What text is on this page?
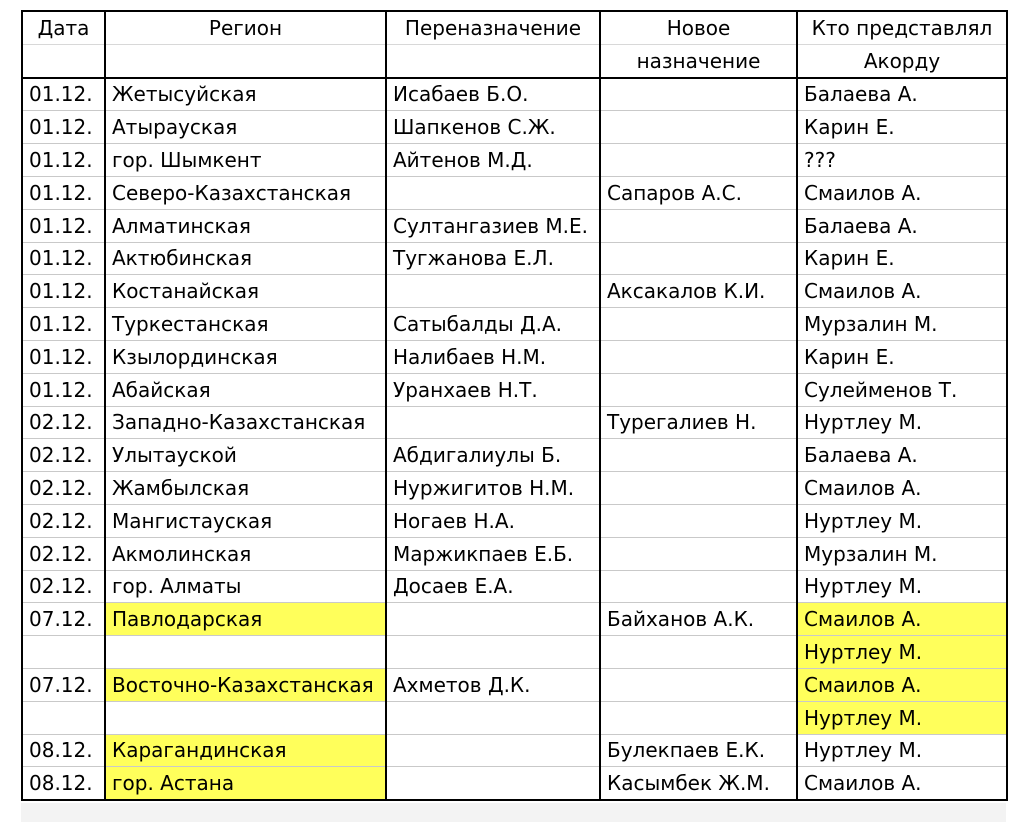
Дата	Регион	Переназначение	Новое	Кто представлял
			назначение	Акорду
01.12.	Жетысуйская	Исабаев Б.О.		Балаева А.
01.12.	Атырауская	Шапкенов С.Ж.		Карин Е.
01.12.	гор. Шымкент	Айтенов М.Д.		???
01.12.	Северо-Казахстанская		Сапаров А.С.	Смаилов А.
01.12.	Алматинская	Султангазиев М.Е.		Балаева А.
01.12.	Актюбинская	Тугжанова Е.Л.		Карин Е.
01.12.	Костанайская		Аксакалов К.И.	Смаилов А.
01.12.	Туркестанская	Сатыбалды Д.А.		Мурзалин М.
01.12.	Кзылординская	Налибаев Н.М.		Карин Е.
01.12.	Абайская	Уранхаев Н.Т.		Сулейменов Т.
02.12.	Западно-Казахстанская		Турегалиев Н.	Нуртлеу М.
02.12.	Улытауской	Абдигалиулы Б.		Балаева А.
02.12.	Жамбылская	Нуржигитов Н.М.		Смаилов А.
02.12.	Мангистауская	Ногаев Н.А.		Нуртлеу М.
02.12.	Акмолинская	Маржикпаев Е.Б.		Мурзалин М.
02.12.	гор. Алматы	Досаев Е.А.		Нуртлеу М.
07.12.	Павлодарская		Байханов А.К.	Смаилов А.
				Нуртлеу М.
07.12.	Восточно-Казахстанская	Ахметов Д.К.		Смаилов А.
				Нуртлеу М.
08.12.	Карагандинская		Булекпаев Е.К.	Нуртлеу М.
08.12.	гор. Астана		Касымбек Ж.М.	Смаилов А.
